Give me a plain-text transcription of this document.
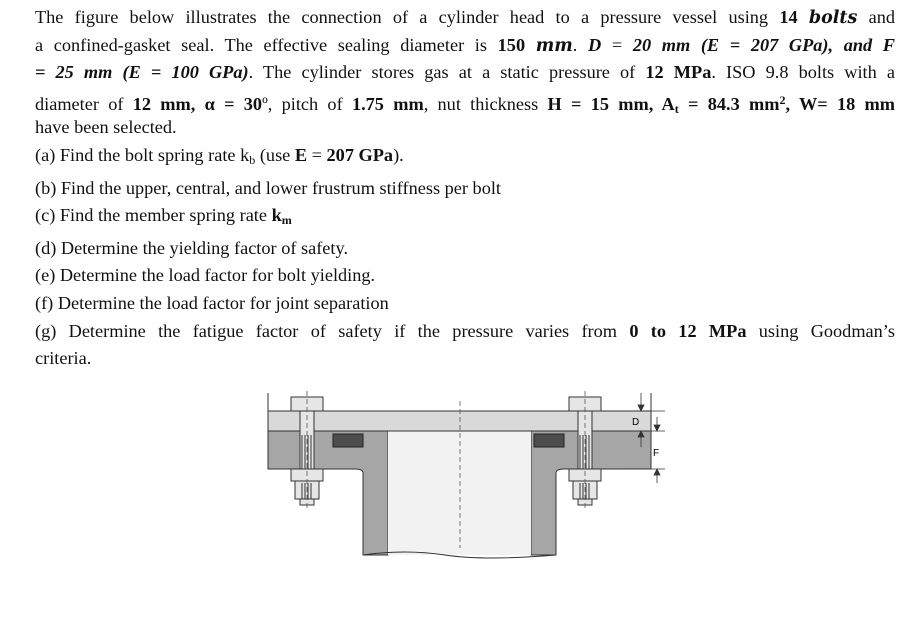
The figure below illustrates the connection of a cylinder head to a pressure vessel using 14 bolts and
a confined-gasket seal. The effective sealing diameter is 150 mm. D = 20 mm (E = 207 GPa), and F
= 25 mm (E = 100 GPa). The cylinder stores gas at a static pressure of 12 MPa. ISO 9.8 bolts with a
diameter of 12 mm, α = 30º, pitch of 1.75 mm, nut thickness H = 15 mm, $A_t = 84.3$ $mm^2$, W= 18 mm
have been selected.
(a) Find the bolt spring rate $k_b$ (use E = 207 GPa).
(b) Find the upper, central, and lower frustrum stiffness per bolt
(c) Find the member spring rate $k_m$
(d) Determine the yielding factor of safety.
(e) Determine the load factor for bolt yielding.
(f) Determine the load factor for joint separation
(g) Determine the fatigue factor of safety if the pressure varies from 0 to 12 MPa using Goodman’s
criteria.
D
F
